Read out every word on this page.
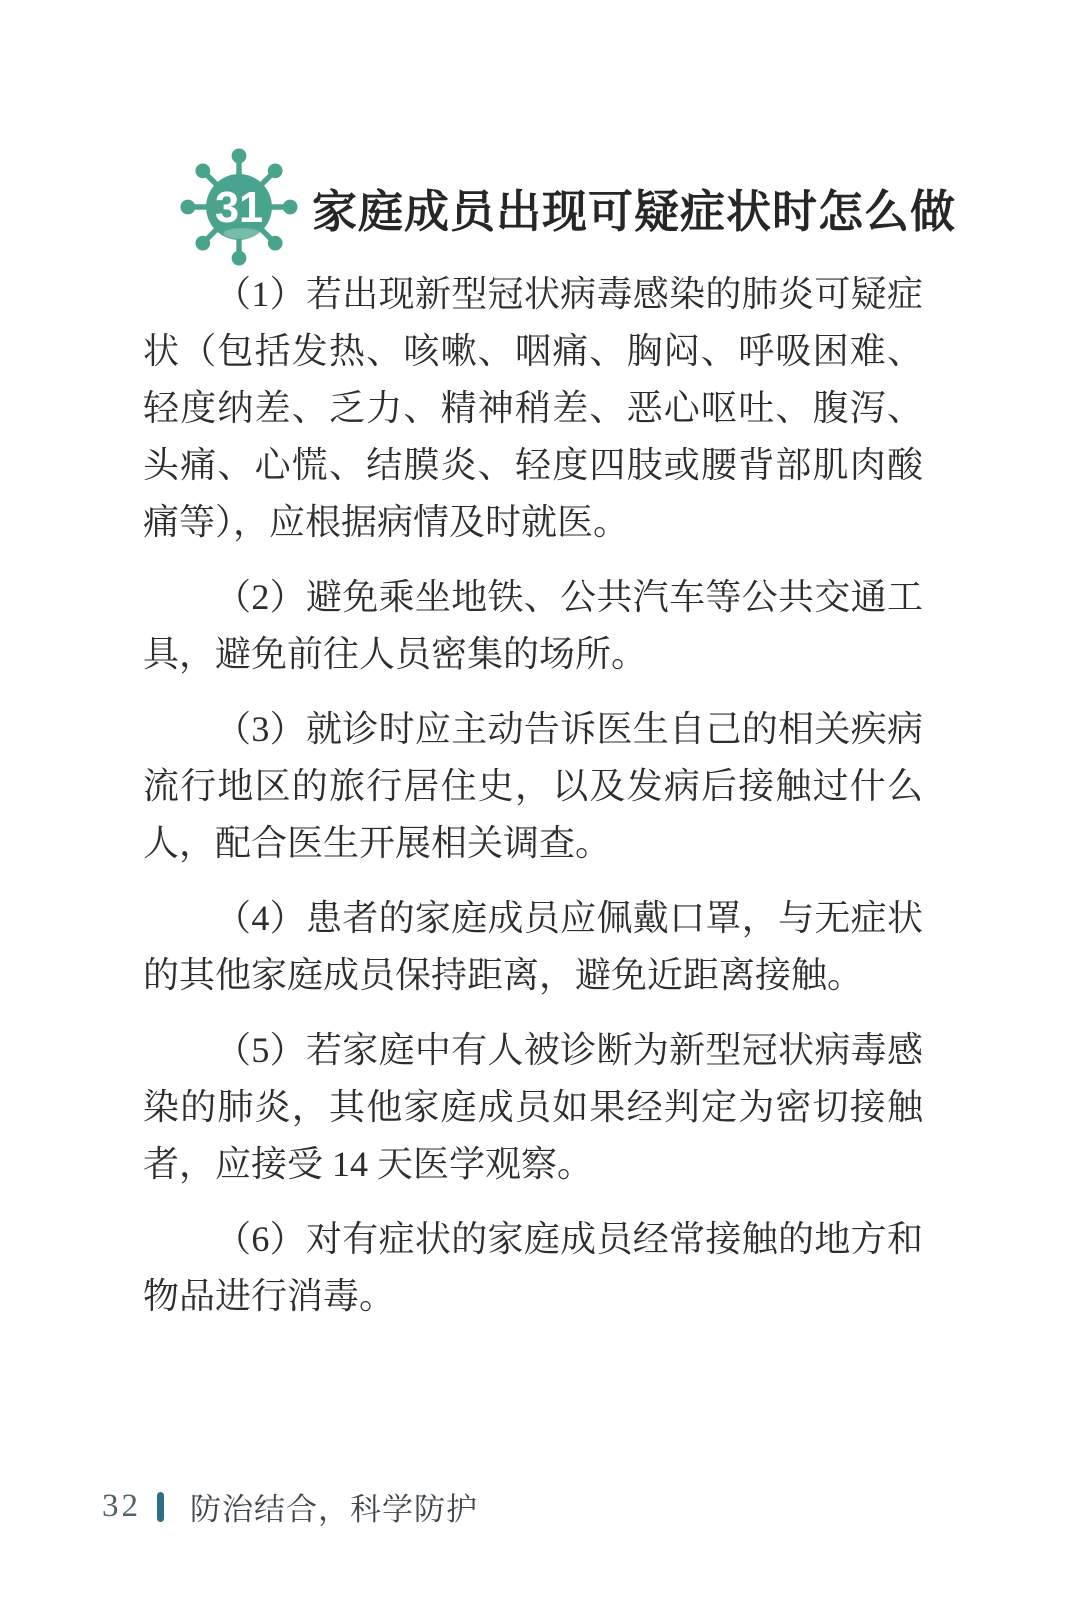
31 家庭成员出现可疑症状时怎么做

（1）若出现新型冠状病毒感染的肺炎可疑症状（包括发热、咳嗽、咽痛、胸闷、呼吸困难、轻度纳差、乏力、精神稍差、恶心呕吐、腹泻、头痛、心慌、结膜炎、轻度四肢或腰背部肌肉酸痛等），应根据病情及时就医。

（2）避免乘坐地铁、公共汽车等公共交通工具，避免前往人员密集的场所。

（3）就诊时应主动告诉医生自己的相关疾病流行地区的旅行居住史，以及发病后接触过什么人，配合医生开展相关调查。

（4）患者的家庭成员应佩戴口罩，与无症状的其他家庭成员保持距离，避免近距离接触。

（5）若家庭中有人被诊断为新型冠状病毒感染的肺炎，其他家庭成员如果经判定为密切接触者，应接受 14 天医学观察。

（6）对有症状的家庭成员经常接触的地方和物品进行消毒。

32 防治结合，科学防护
